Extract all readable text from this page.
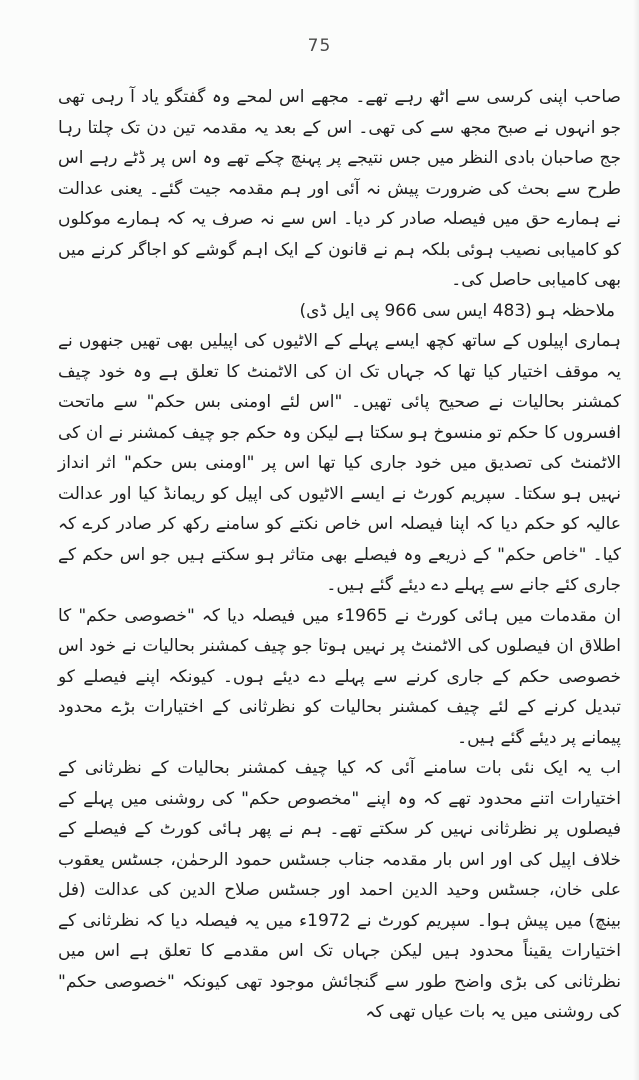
75

صاحب اپنی کرسی سے اٹھ رہے تھے۔ مجھے اس لمحے وہ گفتگو یاد آ رہی تھی جو انہوں نے صبح مجھ سے کی تھی۔ اس کے بعد یہ مقدمہ تین دن تک چلتا رہا جج صاحبان بادی النظر میں جس نتیجے پر پہنچ چکے تھے وہ اس پر ڈٹے رہے اس طرح سے بحث کی ضرورت پیش نہ آئی اور ہم مقدمہ جیت گئے۔ یعنی عدالت نے ہمارے حق میں فیصلہ صادر کر دیا۔ اس سے نہ صرف یہ کہ ہمارے موکلوں کو کامیابی نصیب ہوئی بلکہ ہم نے قانون کے ایک اہم گوشے کو اجاگر کرنے میں بھی کامیابی حاصل کی۔

ملاحظہ ہو (483 ایس سی 966 پی ایل ڈی)

ہماری اپیلوں کے ساتھ کچھ ایسے پہلے کے الاٹیوں کی اپیلیں بھی تھیں جنھوں نے یہ موقف اختیار کیا تھا کہ جہاں تک ان کی الاٹمنٹ کا تعلق ہے وہ خود چیف کمشنر بحالیات نے صحیح پائی تھیں۔ "اس لئے اومنی بس حکم" سے ماتحت افسروں کا حکم تو منسوخ ہو سکتا ہے لیکن وہ حکم جو چیف کمشنر نے ان کی الاٹمنٹ کی تصدیق میں خود جاری کیا تھا اس پر "اومنی بس حکم" اثر انداز نہیں ہو سکتا۔ سپریم کورٹ نے ایسے الاٹیوں کی اپیل کو ریمانڈ کیا اور عدالت عالیہ کو حکم دیا کہ اپنا فیصلہ اس خاص نکتے کو سامنے رکھ کر صادر کرے کہ کیا۔ "خاص حکم" کے ذریعے وہ فیصلے بھی متاثر ہو سکتے ہیں جو اس حکم کے جاری کئے جانے سے پہلے دے دیئے گئے ہیں۔

ان مقدمات میں ہائی کورٹ نے 1965ء میں فیصلہ دیا کہ "خصوصی حکم" کا اطلاق ان فیصلوں کی الاٹمنٹ پر نہیں ہوتا جو چیف کمشنر بحالیات نے خود اس خصوصی حکم کے جاری کرنے سے پہلے دے دیئے ہوں۔ کیونکہ اپنے فیصلے کو تبدیل کرنے کے لئے چیف کمشنر بحالیات کو نظرثانی کے اختیارات بڑے محدود پیمانے پر دیئے گئے ہیں۔

اب یہ ایک نئی بات سامنے آئی کہ کیا چیف کمشنر بحالیات کے نظرثانی کے اختیارات اتنے محدود تھے کہ وہ اپنے "مخصوص حکم" کی روشنی میں پہلے کے فیصلوں پر نظرثانی نہیں کر سکتے تھے۔ ہم نے پھر ہائی کورٹ کے فیصلے کے خلاف اپیل کی اور اس بار مقدمہ جناب جسٹس حمود الرحمٰن، جسٹس یعقوب علی خان، جسٹس وحید الدین احمد اور جسٹس صلاح الدین کی عدالت (فل بینچ) میں پیش ہوا۔ سپریم کورٹ نے 1972ء میں یہ فیصلہ دیا کہ نظرثانی کے اختیارات یقیناً محدود ہیں لیکن جہاں تک اس مقدمے کا تعلق ہے اس میں نظرثانی کی بڑی واضح طور سے گنجائش موجود تھی کیونکہ "خصوصی حکم" کی روشنی میں یہ بات عیاں تھی کہ
